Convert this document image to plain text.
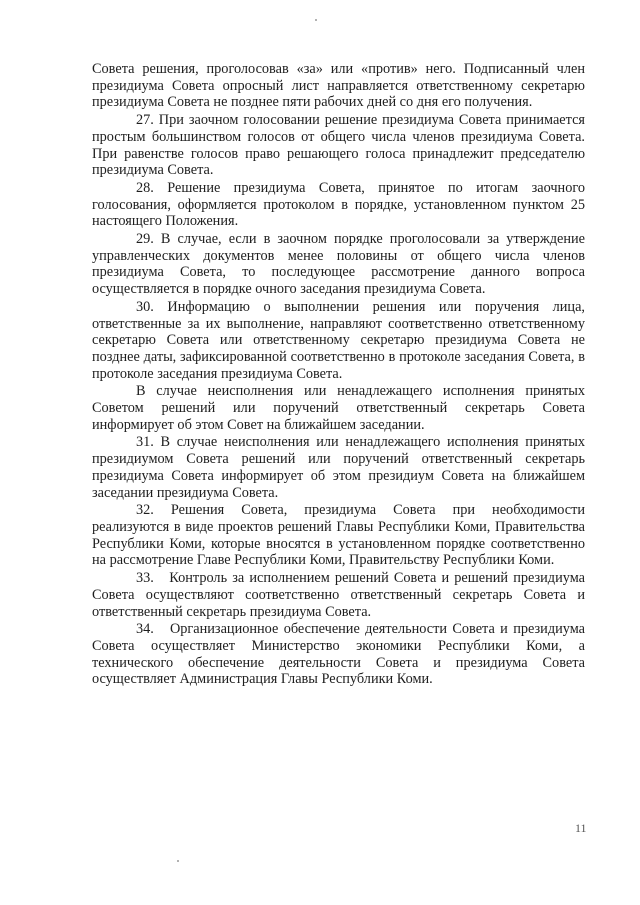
Совета решения, проголосовав «за» или «против» него. Подписанный член президиума Совета опросный лист направляется ответственному секретарю президиума Совета не позднее пяти рабочих дней со дня его получения.

27. При заочном голосовании решение президиума Совета принимается простым большинством голосов от общего числа членов президиума Совета. При равенстве голосов право решающего голоса принадлежит председателю президиума Совета.

28. Решение президиума Совета, принятое по итогам заочного голосования, оформляется протоколом в порядке, установленном пунктом 25 настоящего Положения.

29. В случае, если в заочном порядке проголосовали за утверждение управленческих документов менее половины от общего числа членов президиума Совета, то последующее рассмотрение данного вопроса осуществляется в порядке очного заседания президиума Совета.

30. Информацию о выполнении решения или поручения лица, ответственные за их выполнение, направляют соответственно ответственному секретарю Совета или ответственному секретарю президиума Совета не позднее даты, зафиксированной соответственно в протоколе заседания Совета, в протоколе заседания президиума Совета.

В случае неисполнения или ненадлежащего исполнения принятых Советом решений или поручений ответственный секретарь Совета информирует об этом Совет на ближайшем заседании.

31. В случае неисполнения или ненадлежащего исполнения принятых президиумом Совета решений или поручений ответственный секретарь президиума Совета информирует об этом президиум Совета на ближайшем заседании президиума Совета.

32. Решения Совета, президиума Совета при необходимости реализуются в виде проектов решений Главы Республики Коми, Правительства Республики Коми, которые вносятся в установленном порядке соответственно на рассмотрение Главе Республики Коми, Правительству Республики Коми.

33.   Контроль за исполнением решений Совета и решений президиума Совета осуществляют соответственно ответственный секретарь Совета и ответственный секретарь президиума Совета.

34.   Организационное обеспечение деятельности Совета и президиума Совета осуществляет Министерство экономики Республики Коми, а технического обеспечение деятельности Совета и президиума Совета осуществляет Администрация Главы Республики Коми.

11
